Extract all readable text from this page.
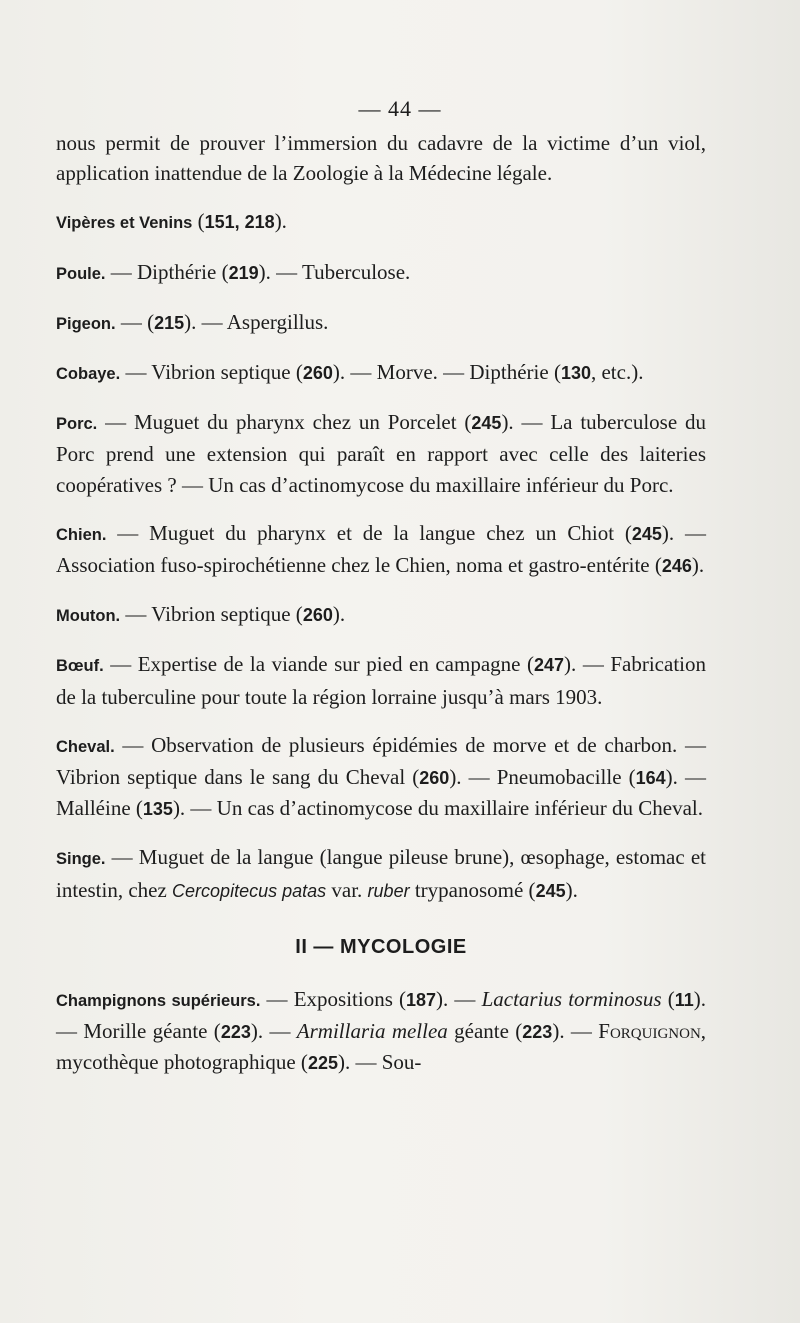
— 44 —

nous permit de prouver l’immersion du cadavre de la victime d’un viol, application inattendue de la Zoologie à la Médecine légale.

Vipères et Venins (151, 218).

Poule. — Dipthérie (219). — Tuberculose.

Pigeon. — (215). — Aspergillus.

Cobaye. — Vibrion septique (260). — Morve. — Dipthérie (130, etc.).

Porc. — Muguet du pharynx chez un Porcelet (245). — La tuberculose du Porc prend une extension qui paraît en rapport avec celle des laiteries coopératives ? — Un cas d’actinomycose du maxillaire inférieur du Porc.

Chien. — Muguet du pharynx et de la langue chez un Chiot (245). — Association fuso-spirochétienne chez le Chien, noma et gastro-entérite (246).

Mouton. — Vibrion septique (260).

Bœuf. — Expertise de la viande sur pied en campagne (247). — Fabrication de la tuberculine pour toute la région lorraine jusqu’à mars 1903.

Cheval. — Observation de plusieurs épidémies de morve et de charbon. — Vibrion septique dans le sang du Cheval (260). — Pneumobacille (164). — Malléine (135). — Un cas d’actinomycose du maxillaire inférieur du Cheval.

Singe. — Muguet de la langue (langue pileuse brune), œsophage, estomac et intestin, chez Cercopitecus patas var. ruber trypanosomé (245).

II — MYCOLOGIE

Champignons supérieurs. — Expositions (187). — Lactarius torminosus (11). — Morille géante (223). — Armillaria mellea géante (223). — Forquignon, mycothèque photographique (225). — Sou-
